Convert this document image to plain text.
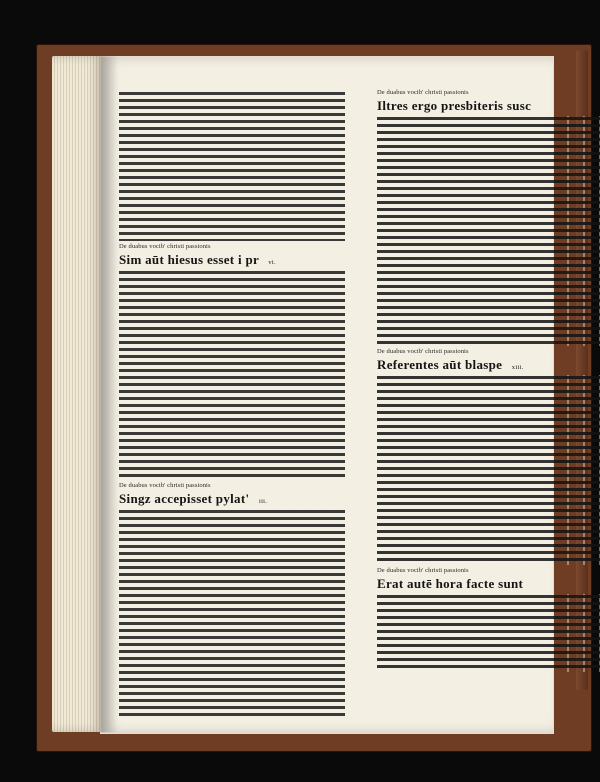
De duabus vocib' christi passionis
Sim aūt hiesus esset i pr vi.
De duabus vocib' christi passionis
Singz accepisset pylat' iii.
De duabus vocib' christi passionis
Iltres ergo presbiteris susc
De duabus vocib' christi passionis
Referentes aūt blaspe xiii.
De duabus vocib' christi passionis
Erat autē hora facte sunt
